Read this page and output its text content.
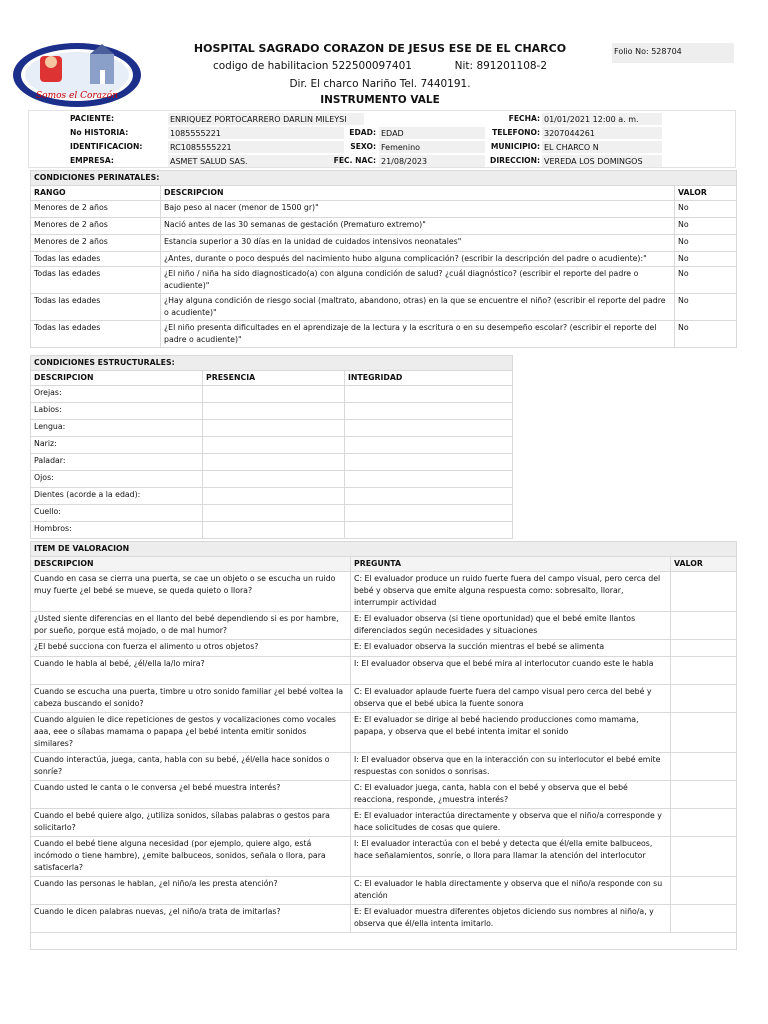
Somos el Corazón
HOSPITAL SAGRADO CORAZON DE JESUS ESE DE EL CHARCO
codigo de habilitacion 522500097401	Nit: 891201108-2
Dir. El charco Nariño Tel. 7440191.
INSTRUMENTO VALE
Folio No: 528704
PACIENTE:	ENRIQUEZ PORTOCARRERO DARLIN MILEYSI
No HISTORIA:	1085555221
IDENTIFICACION:	RC1085555221
EMPRESA:	ASMET SALUD SAS.
EDAD: EDAD
SEXO: Femenino
FEC. NAC: 21/08/2023
FECHA: 01/01/2021 12:00 a. m.
TELEFONO: 3207044261
MUNICIPIO: EL CHARCO N
DIRECCION: VEREDA LOS DOMINGOS
CONDICIONES PERINATALES:		
RANGO	DESCRIPCION	VALOR
Menores de 2 años	Bajo peso al nacer (menor de 1500 gr)"	No
Menores de 2 años	Nació antes de las 30 semanas de gestación (Prematuro extremo)"	No
Menores de 2 años	Estancia superior a 30 días en la unidad de cuidados intensivos neonatales"	No
Todas las edades	¿Antes, durante o poco después del nacimiento hubo alguna complicación? (escribir la descripción del padre o acudiente):"	No
Todas las edades	¿El niño / niña ha sido diagnosticado(a) con alguna condición de salud? ¿cuál diagnóstico? (escribir el reporte del padre o acudiente)"	No
Todas las edades	¿Hay alguna condición de riesgo social (maltrato, abandono, otras) en la que se encuentre el niño? (escribir el reporte del padre o acudiente)"	No
Todas las edades	¿El niño presenta dificultades en el aprendizaje de la lectura y la escritura o en su desempeño escolar? (escribir el reporte del padre o acudiente)"	No
CONDICIONES ESTRUCTURALES:		
DESCRIPCION	PRESENCIA	INTEGRIDAD
Orejas:		
Labios:		
Lengua:		
Nariz:		
Paladar:		
Ojos:		
Dientes (acorde a la edad):		
Cuello:		
Hombros:		
ITEM DE VALORACION		
DESCRIPCION	PREGUNTA	VALOR
Cuando en casa se cierra una puerta, se cae un objeto o se escucha un ruido muy fuerte ¿el bebé se mueve, se queda quieto o llora?	C: El evaluador produce un ruido fuerte fuera del campo visual, pero cerca del bebé y observa que emite alguna respuesta como: sobresalto, llorar, interrumpir actividad	
¿Usted siente diferencias en el llanto del bebé dependiendo si es por hambre, por sueño, porque está mojado, o de mal humor?	E: El evaluador observa (si tiene oportunidad) que el bebé emite llantos diferenciados según necesidades y situaciones	
¿El bebé succiona con fuerza el alimento u otros objetos?	E: El evaluador observa la succión mientras el bebé se alimenta	
Cuando le habla al bebé, ¿él/ella la/lo mira?	I: El evaluador observa que el bebé mira al interlocutor cuando este le habla	
Cuando se escucha una puerta, timbre u otro sonido familiar ¿el bebé voltea la cabeza buscando el sonido?	C: El evaluador aplaude fuerte fuera del campo visual pero cerca del bebé y observa que el bebé ubica la fuente sonora	
Cuando alguien le dice repeticiones de gestos y vocalizaciones como vocales aaa, eee o sílabas mamama o papapa ¿el bebé intenta emitir sonidos similares?	E: El evaluador se dirige al bebé haciendo producciones como mamama, papapa, y observa que el bebé intenta imitar el sonido	
Cuando interactúa, juega, canta, habla con su bebé, ¿él/ella hace sonidos o sonríe?	I: El evaluador observa que en la interacción con su interlocutor el bebé emite respuestas con sonidos o sonrisas.	
Cuando usted le canta o le conversa ¿el bebé muestra interés?	C: El evaluador juega, canta, habla con el bebé y observa que el bebé reacciona, responde, ¿muestra interés?	
Cuando el bebé quiere algo, ¿utiliza sonidos, sílabas palabras o gestos para solicitarlo?	E: El evaluador interactúa directamente y observa que el niño/a corresponde y hace solicitudes de cosas que quiere.	
Cuando el bebé tiene alguna necesidad (por ejemplo, quiere algo, está incómodo o tiene hambre), ¿emite balbuceos, sonidos, señala o llora, para satisfacerla?	I: El evaluador interactúa con el bebé y detecta que él/ella emite balbuceos, hace señalamientos, sonríe, o llora para llamar la atención del interlocutor	
Cuando las personas le hablan, ¿el niño/a les presta atención?	C: El evaluador le habla directamente y observa que el niño/a responde con su atención	
Cuando le dicen palabras nuevas, ¿el niño/a trata de imitarlas?	E: El evaluador muestra diferentes objetos diciendo sus nombres al niño/a, y observa que él/ella intenta imitarlo.	
